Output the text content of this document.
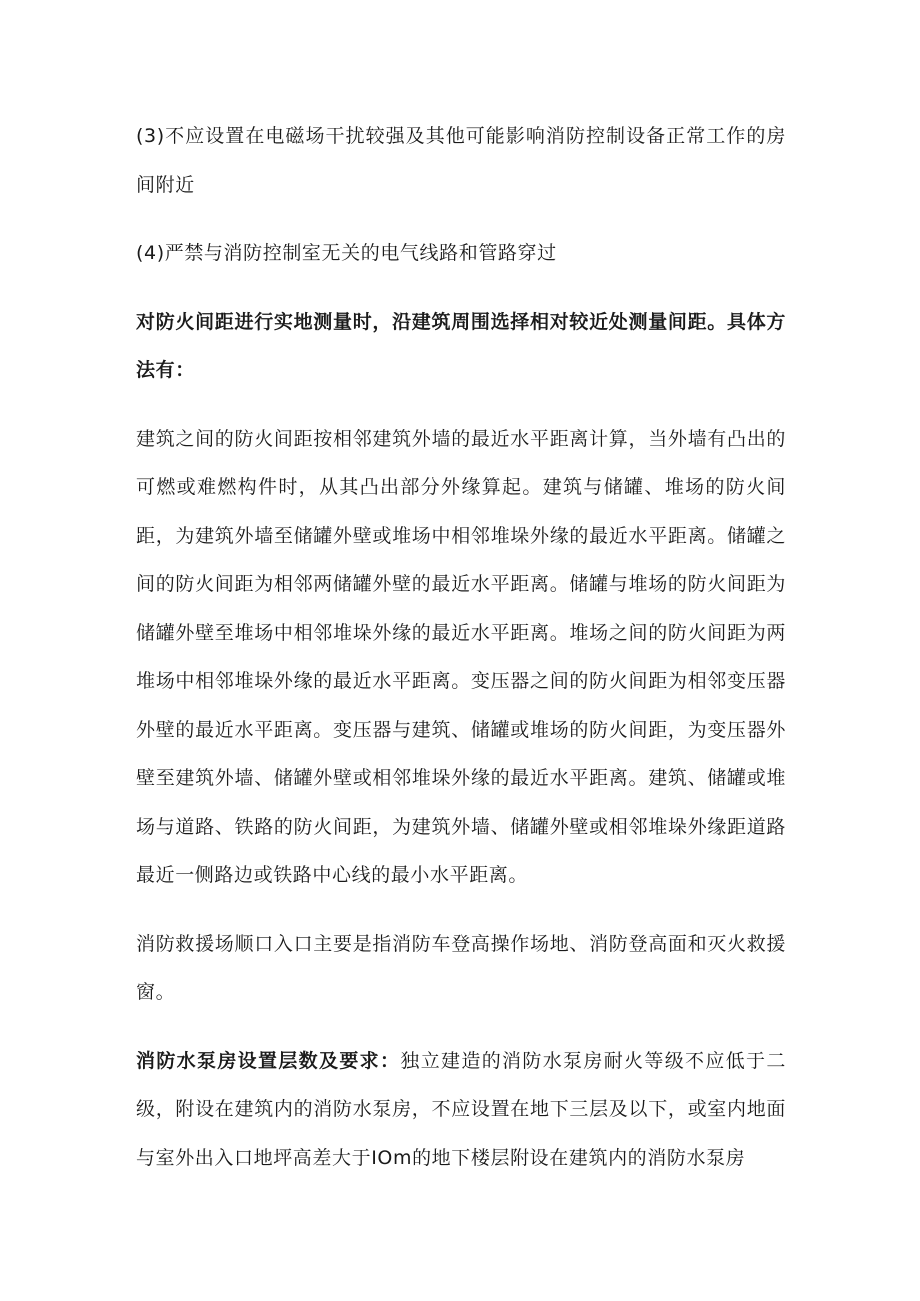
(3)不应设置在电磁场干扰较强及其他可能影响消防控制设备正常工作的房间附近

(4)严禁与消防控制室无关的电气线路和管路穿过

对防火间距进行实地测量时，沿建筑周围选择相对较近处测量间距。具体方法有：

建筑之间的防火间距按相邻建筑外墙的最近水平距离计算，当外墙有凸出的可燃或难燃构件时，从其凸出部分外缘算起。建筑与储罐、堆场的防火间距，为建筑外墙至储罐外壁或堆场中相邻堆垛外缘的最近水平距离。储罐之间的防火间距为相邻两储罐外壁的最近水平距离。储罐与堆场的防火间距为储罐外壁至堆场中相邻堆垛外缘的最近水平距离。堆场之间的防火间距为两堆场中相邻堆垛外缘的最近水平距离。变压器之间的防火间距为相邻变压器外壁的最近水平距离。变压器与建筑、储罐或堆场的防火间距，为变压器外壁至建筑外墙、储罐外壁或相邻堆垛外缘的最近水平距离。建筑、储罐或堆场与道路、铁路的防火间距，为建筑外墙、储罐外壁或相邻堆垛外缘距道路最近一侧路边或铁路中心线的最小水平距离。

消防救援场顺口入口主要是指消防车登高操作场地、消防登高面和灭火救援窗。

消防水泵房设置层数及要求：独立建造的消防水泵房耐火等级不应低于二级，附设在建筑内的消防水泵房，不应设置在地下三层及以下，或室内地面与室外出入口地坪高差大于IOm的地下楼层附设在建筑内的消防水泵房
